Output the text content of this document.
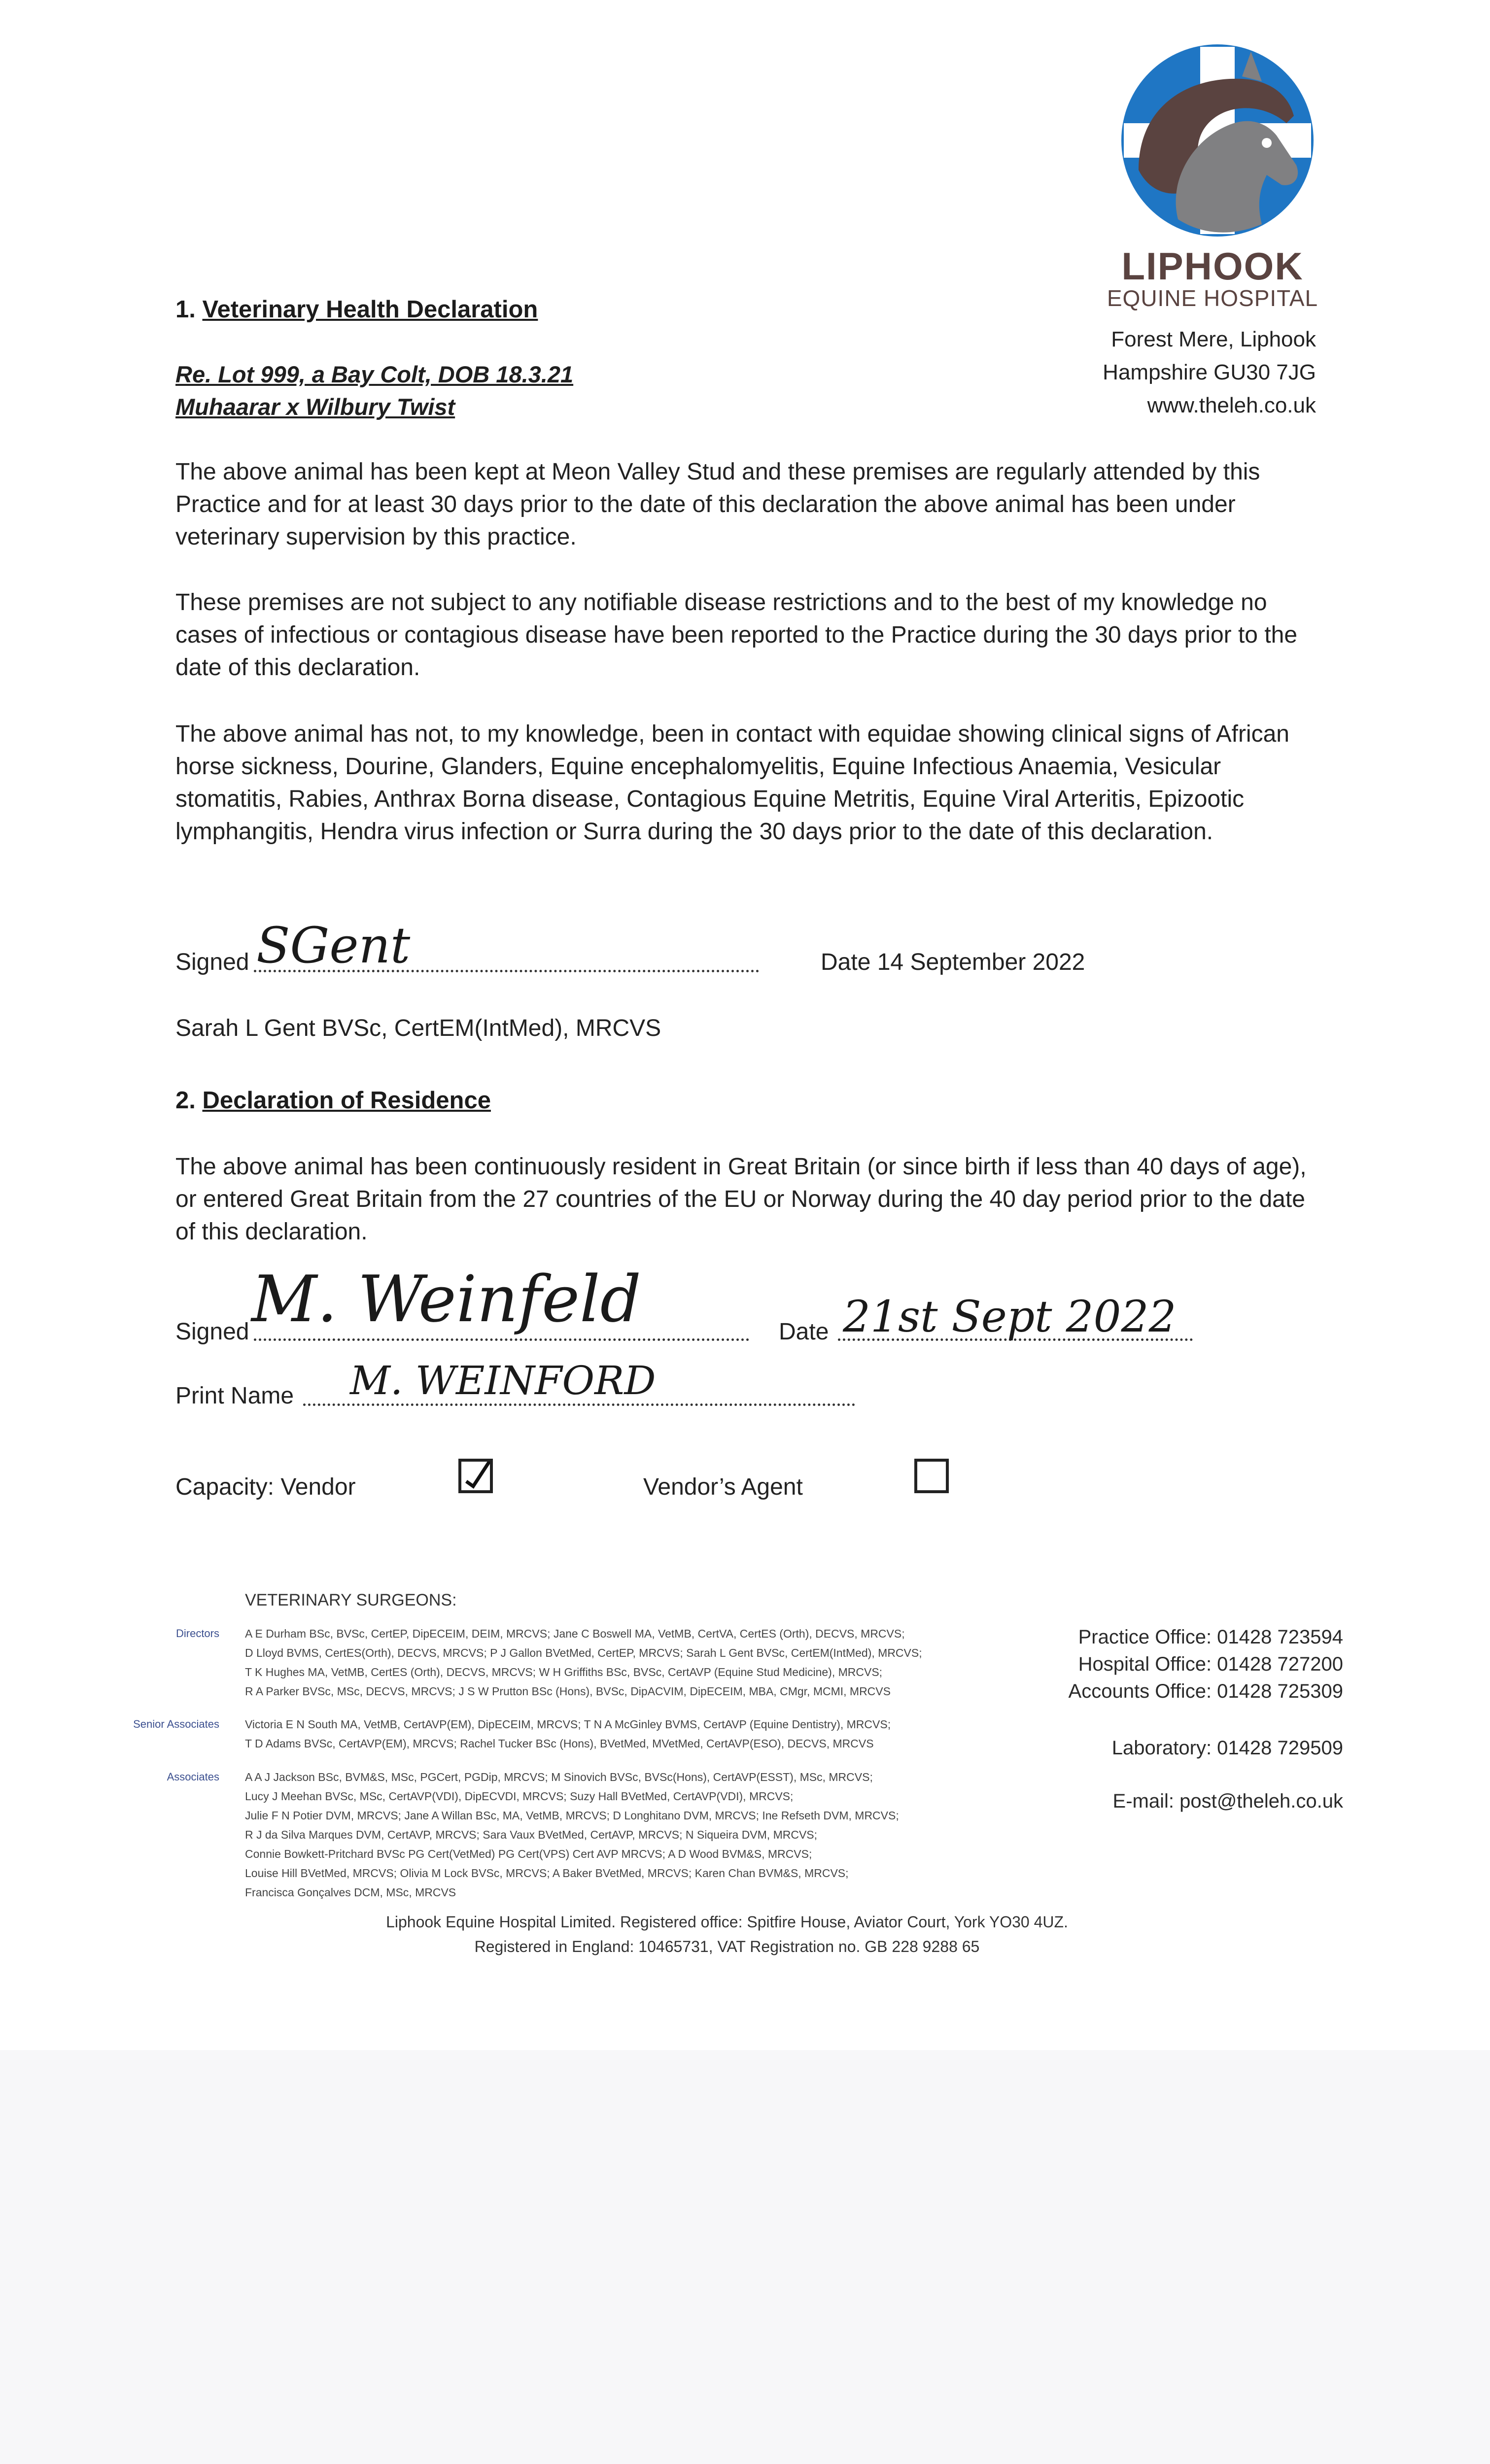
LIPHOOK
EQUINE HOSPITAL
Forest Mere, Liphook
Hampshire GU30 7JG
www.theleh.co.uk
1. Veterinary Health Declaration
Re. Lot 999, a Bay Colt, DOB 18.3.21
Muhaarar x Wilbury Twist
The above animal has been kept at Meon Valley Stud and these premises are regularly attended by this Practice and for at least 30 days prior to the date of this declaration the above animal has been under veterinary supervision by this practice.
These premises are not subject to any notifiable disease restrictions and to the best of my knowledge no cases of infectious or contagious disease have been reported to the Practice during the 30 days prior to the date of this declaration.
The above animal has not, to my knowledge, been in contact with equidae showing clinical signs of African horse sickness, Dourine, Glanders, Equine encephalomyelitis, Equine Infectious Anaemia, Vesicular stomatitis, Rabies, Anthrax Borna disease, Contagious Equine Metritis, Equine Viral Arteritis, Epizootic lymphangitis, Hendra virus infection or Surra during the 30 days prior to the date of this declaration.
Signed SGent	Date 14 September 2022
Sarah L Gent BVSc, CertEM(IntMed), MRCVS
2. Declaration of Residence
The above animal has been continuously resident in Great Britain (or since birth if less than 40 days of age), or entered Great Britain from the 27 countries of the EU or Norway during the 40 day period prior to the date of this declaration.
Signed M. Weinfeld	Date 21st Sept 2022
Print Name M. WEINFORD
Capacity: Vendor	Vendor’s Agent
VETERINARY SURGEONS:
Directors A E Durham BSc, BVSc, CertEP, DipECEIM, DEIM, MRCVS; Jane C Boswell MA, VetMB, CertVA, CertES (Orth), DECVS, MRCVS;
D Lloyd BVMS, CertES(Orth), DECVS, MRCVS; P J Gallon BVetMed, CertEP, MRCVS; Sarah L Gent BVSc, CertEM(IntMed), MRCVS;
T K Hughes MA, VetMB, CertES (Orth), DECVS, MRCVS; W H Griffiths BSc, BVSc, CertAVP (Equine Stud Medicine), MRCVS;
R A Parker BVSc, MSc, DECVS, MRCVS; J S W Prutton BSc (Hons), BVSc, DipACVIM, DipECEIM, MBA, CMgr, MCMI, MRCVS
Senior Associates Victoria E N South MA, VetMB, CertAVP(EM), DipECEIM, MRCVS; T N A McGinley BVMS, CertAVP (Equine Dentistry), MRCVS;
T D Adams BVSc, CertAVP(EM), MRCVS; Rachel Tucker BSc (Hons), BVetMed, MVetMed, CertAVP(ESO), DECVS, MRCVS
Associates A A J Jackson BSc, BVM&S, MSc, PGCert, PGDip, MRCVS; M Sinovich BVSc, BVSc(Hons), CertAVP(ESST), MSc, MRCVS;
Lucy J Meehan BVSc, MSc, CertAVP(VDI), DipECVDI, MRCVS; Suzy Hall BVetMed, CertAVP(VDI), MRCVS;
Julie F N Potier DVM, MRCVS; Jane A Willan BSc, MA, VetMB, MRCVS; D Longhitano DVM, MRCVS; Ine Refseth DVM, MRCVS;
R J da Silva Marques DVM, CertAVP, MRCVS; Sara Vaux BVetMed, CertAVP, MRCVS; N Siqueira DVM, MRCVS;
Connie Bowkett-Pritchard BVSc PG Cert(VetMed) PG Cert(VPS) Cert AVP MRCVS; A D Wood BVM&S, MRCVS;
Louise Hill BVetMed, MRCVS; Olivia M Lock BVSc, MRCVS; A Baker BVetMed, MRCVS; Karen Chan BVM&S, MRCVS;
Francisca Gonçalves DCM, MSc, MRCVS
Practice Office: 01428 723594
Hospital Office: 01428 727200
Accounts Office: 01428 725309
Laboratory: 01428 729509
E-mail: post@theleh.co.uk
Liphook Equine Hospital Limited. Registered office: Spitfire House, Aviator Court, York YO30 4UZ.
Registered in England: 10465731, VAT Registration no. GB 228 9288 65
